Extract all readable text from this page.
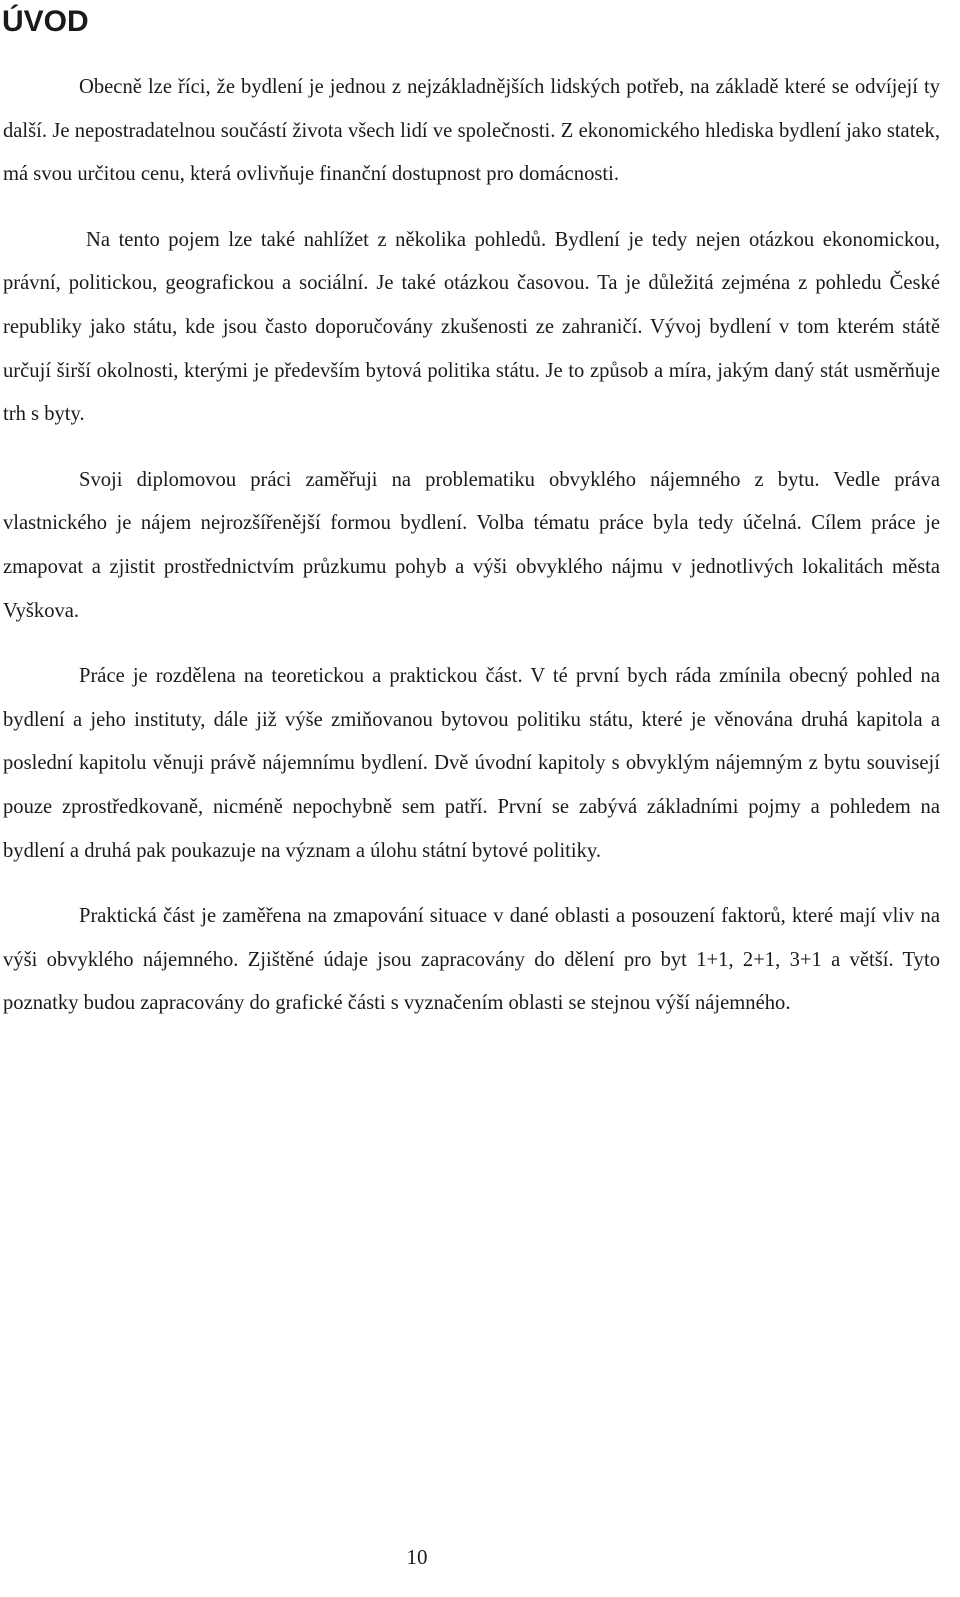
ÚVOD

Obecně lze říci, že bydlení je jednou z nejzákladnějších lidských potřeb, na základě které se odvíjejí ty další. Je nepostradatelnou součástí života všech lidí ve společnosti. Z ekonomického hlediska bydlení jako statek, má svou určitou cenu, která ovlivňuje finanční dostupnost pro domácnosti.

Na tento pojem lze také nahlížet z několika pohledů. Bydlení je tedy nejen otázkou ekonomickou, právní, politickou, geografickou a sociální. Je také otázkou časovou. Ta je důležitá zejména z pohledu České republiky jako státu, kde jsou často doporučovány zkušenosti ze zahraničí. Vývoj bydlení v tom kterém státě určují širší okolnosti, kterými je především bytová politika státu. Je to způsob a míra, jakým daný stát usměrňuje trh s byty.

Svoji diplomovou práci zaměřuji na problematiku obvyklého nájemného z bytu. Vedle práva vlastnického je nájem nejrozšířenější formou bydlení. Volba tématu práce byla tedy účelná. Cílem práce je zmapovat a zjistit prostřednictvím průzkumu pohyb a výši obvyklého nájmu v jednotlivých lokalitách města Vyškova.

Práce je rozdělena na teoretickou a praktickou část. V té první bych ráda zmínila obecný pohled na bydlení a jeho instituty, dále již výše zmiňovanou bytovou politiku státu, které je věnována druhá kapitola a poslední kapitolu věnuji právě nájemnímu bydlení. Dvě úvodní kapitoly s obvyklým nájemným z bytu souvisejí pouze zprostředkovaně, nicméně nepochybně sem patří. První se zabývá základními pojmy a pohledem na bydlení a druhá pak poukazuje na význam a úlohu státní bytové politiky.

Praktická část je zaměřena na zmapování situace v dané oblasti a posouzení faktorů, které mají vliv na výši obvyklého nájemného. Zjištěné údaje jsou zapracovány do dělení pro byt 1+1, 2+1, 3+1 a větší. Tyto poznatky budou zapracovány do grafické části s vyznačením oblasti se stejnou výší nájemného.

10
